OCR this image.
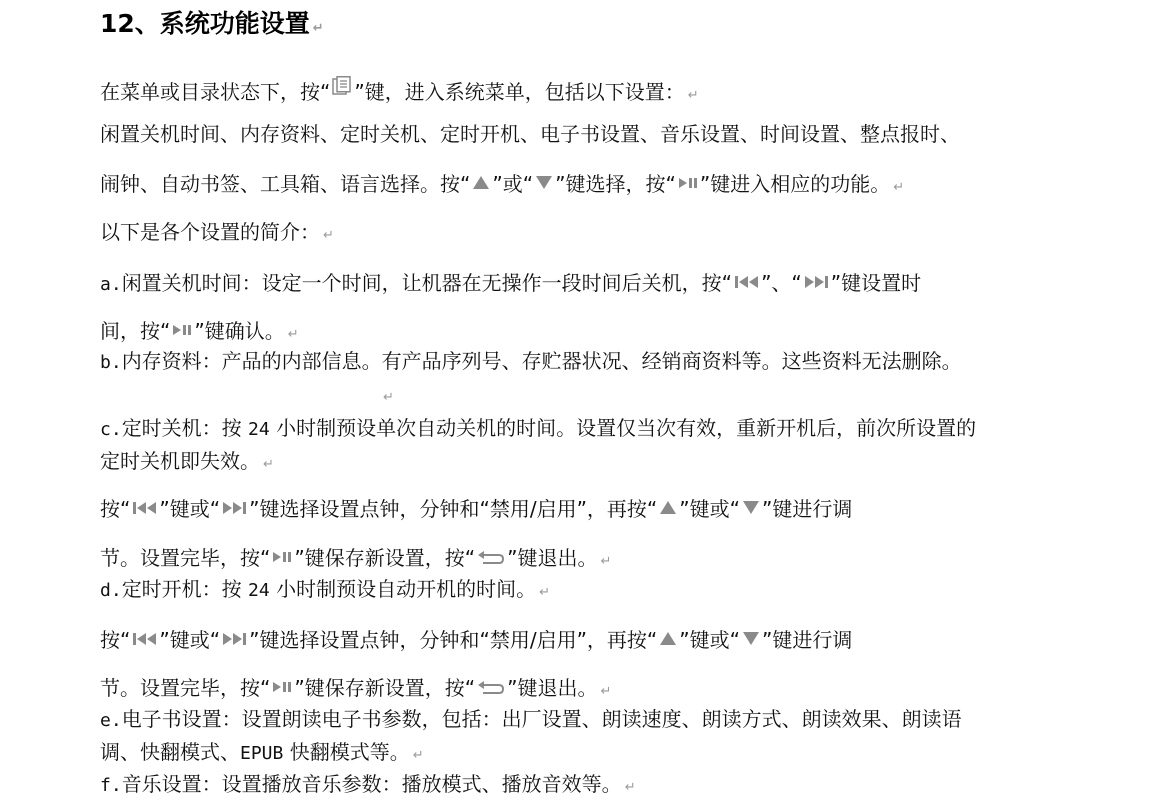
12、系统功能设置 ↵
在菜单或目录状态下，按“ ”键，进入系统菜单，包括以下设置： ↵
闲置关机时间、内存资料、定时关机、定时开机、电子书设置、音乐设置、时间设置、整点报时、
闹钟、自动书签、工具箱、语言选择。按“ ”或“ ”键选择，按“ ”键进入相应的功能。 ↵
以下是各个设置的简介： ↵
a.闲置关机时间：设定一个时间，让机器在无操作一段时间后关机，按“ ”、“ ”键设置时
间，按“ ”键确认。 ↵
b.内存资料：产品的内部信息。有产品序列号、存贮器状况、经销商资料等。这些资料无法删除。
↵
c.定时关机：按 24 小时制预设单次自动关机的时间。设置仅当次有效，重新开机后，前次所设置的
定时关机即失效。 ↵
按“ ”键或“ ”键选择设置点钟，分钟和“禁用/启用”，再按“ ”键或“ ”键进行调
节。设置完毕，按“ ”键保存新设置，按“ ”键退出。 ↵
d.定时开机：按 24 小时制预设自动开机的时间。 ↵
按“ ”键或“ ”键选择设置点钟，分钟和“禁用/启用”，再按“ ”键或“ ”键进行调
节。设置完毕，按“ ”键保存新设置，按“ ”键退出。 ↵
e.电子书设置：设置朗读电子书参数，包括：出厂设置、朗读速度、朗读方式、朗读效果、朗读语
调、快翻模式、EPUB 快翻模式等。 ↵
f.音乐设置：设置播放音乐参数：播放模式、播放音效等。 ↵
